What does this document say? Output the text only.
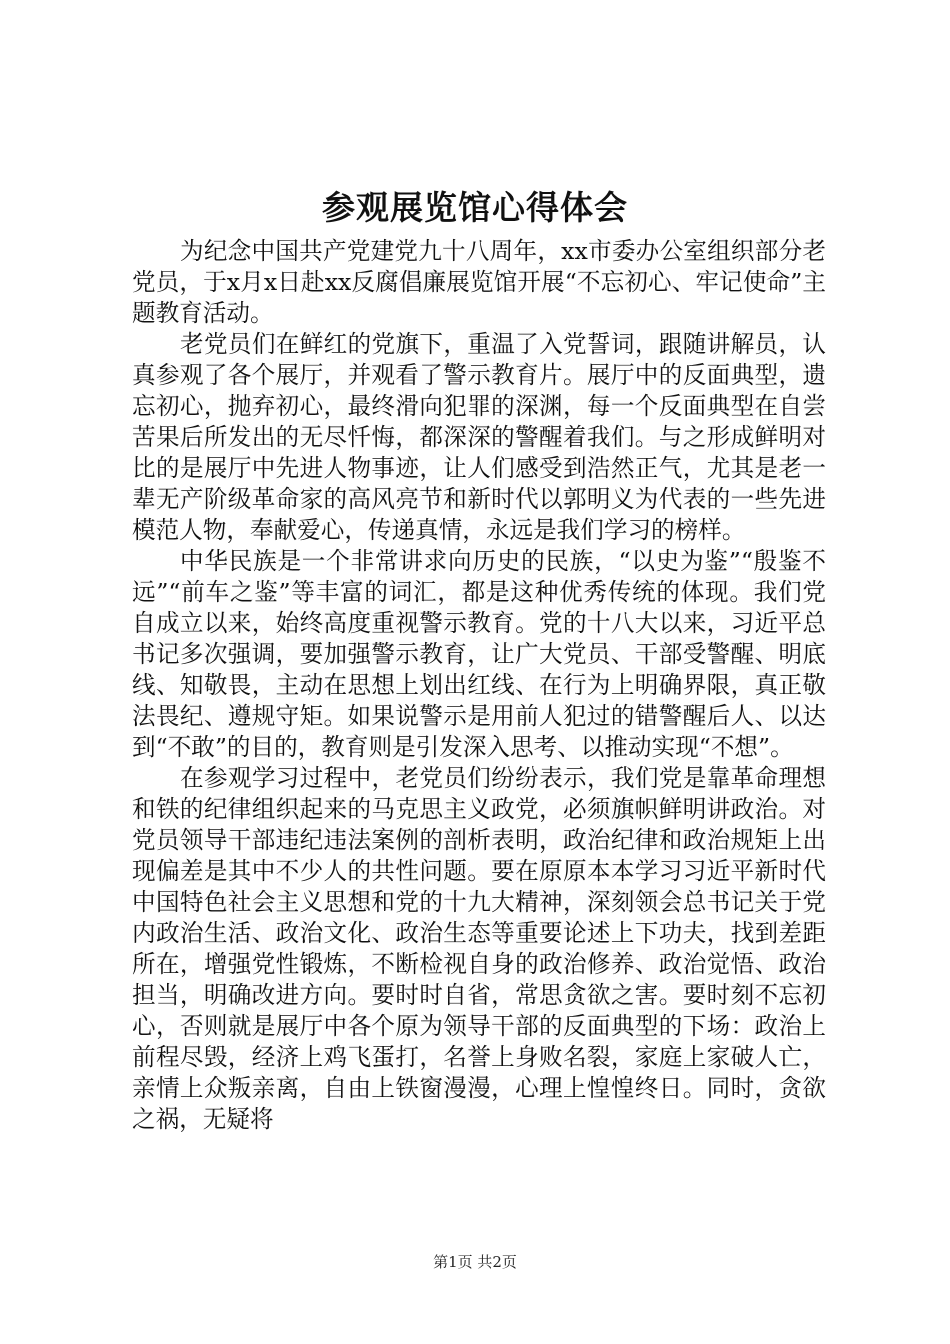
参观展览馆心得体会

为纪念中国共产党建党九十八周年，xx市委办公室组织部分老党员，于x月x日赴xx反腐倡廉展览馆开展“不忘初心、牢记使命”主题教育活动。

老党员们在鲜红的党旗下，重温了入党誓词，跟随讲解员，认真参观了各个展厅，并观看了警示教育片。展厅中的反面典型，遗忘初心，抛弃初心，最终滑向犯罪的深渊，每一个反面典型在自尝苦果后所发出的无尽忏悔，都深深的警醒着我们。与之形成鲜明对比的是展厅中先进人物事迹，让人们感受到浩然正气，尤其是老一辈无产阶级革命家的高风亮节和新时代以郭明义为代表的一些先进模范人物，奉献爱心，传递真情，永远是我们学习的榜样。

中华民族是一个非常讲求向历史的民族，“以史为鉴”“殷鉴不远”“前车之鉴”等丰富的词汇，都是这种优秀传统的体现。我们党自成立以来，始终高度重视警示教育。党的十八大以来，习近平总书记多次强调，要加强警示教育，让广大党员、干部受警醒、明底线、知敬畏，主动在思想上划出红线、在行为上明确界限，真正敬法畏纪、遵规守矩。如果说警示是用前人犯过的错警醒后人、以达到“不敢”的目的，教育则是引发深入思考、以推动实现“不想”。

在参观学习过程中，老党员们纷纷表示，我们党是靠革命理想和铁的纪律组织起来的马克思主义政党，必须旗帜鲜明讲政治。对党员领导干部违纪违法案例的剖析表明，政治纪律和政治规矩上出现偏差是其中不少人的共性问题。要在原原本本学习习近平新时代中国特色社会主义思想和党的十九大精神，深刻领会总书记关于党内政治生活、政治文化、政治生态等重要论述上下功夫，找到差距所在，增强党性锻炼，不断检视自身的政治修养、政治觉悟、政治担当，明确改进方向。要时时自省，常思贪欲之害。要时刻不忘初心，否则就是展厅中各个原为领导干部的反面典型的下场：政治上前程尽毁，经济上鸡飞蛋打，名誉上身败名裂，家庭上家破人亡，亲情上众叛亲离，自由上铁窗漫漫，心理上惶惶终日。同时，贪欲之祸，无疑将

第1页 共2页
